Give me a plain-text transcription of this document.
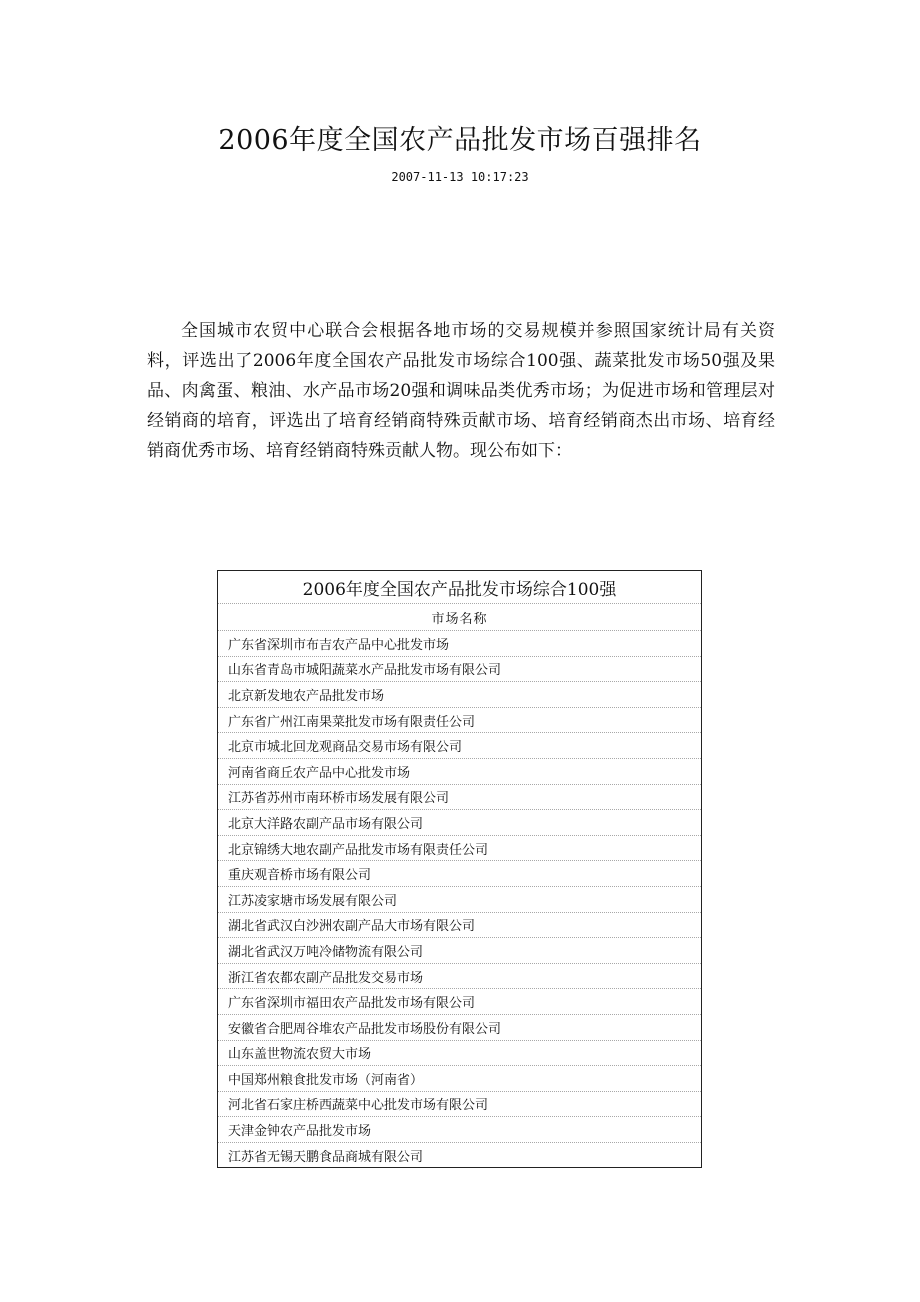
2006年度全国农产品批发市场百强排名
2007-11-13 10:17:23

全国城市农贸中心联合会根据各地市场的交易规模并参照国家统计局有关资料，评选出了2006年度全国农产品批发市场综合100强、蔬菜批发市场50强及果品、肉禽蛋、粮油、水产品市场20强和调味品类优秀市场；为促进市场和管理层对经销商的培育，评选出了培育经销商特殊贡献市场、培育经销商杰出市场、培育经销商优秀市场、培育经销商特殊贡献人物。现公布如下：

2006年度全国农产品批发市场综合100强
市场名称
广东省深圳市布吉农产品中心批发市场
山东省青岛市城阳蔬菜水产品批发市场有限公司
北京新发地农产品批发市场
广东省广州江南果菜批发市场有限责任公司
北京市城北回龙观商品交易市场有限公司
河南省商丘农产品中心批发市场
江苏省苏州市南环桥市场发展有限公司
北京大洋路农副产品市场有限公司
北京锦绣大地农副产品批发市场有限责任公司
重庆观音桥市场有限公司
江苏凌家塘市场发展有限公司
湖北省武汉白沙洲农副产品大市场有限公司
湖北省武汉万吨冷储物流有限公司
浙江省农都农副产品批发交易市场
广东省深圳市福田农产品批发市场有限公司
安徽省合肥周谷堆农产品批发市场股份有限公司
山东盖世物流农贸大市场
中国郑州粮食批发市场（河南省）
河北省石家庄桥西蔬菜中心批发市场有限公司
天津金钟农产品批发市场
江苏省无锡天鹏食品商城有限公司
